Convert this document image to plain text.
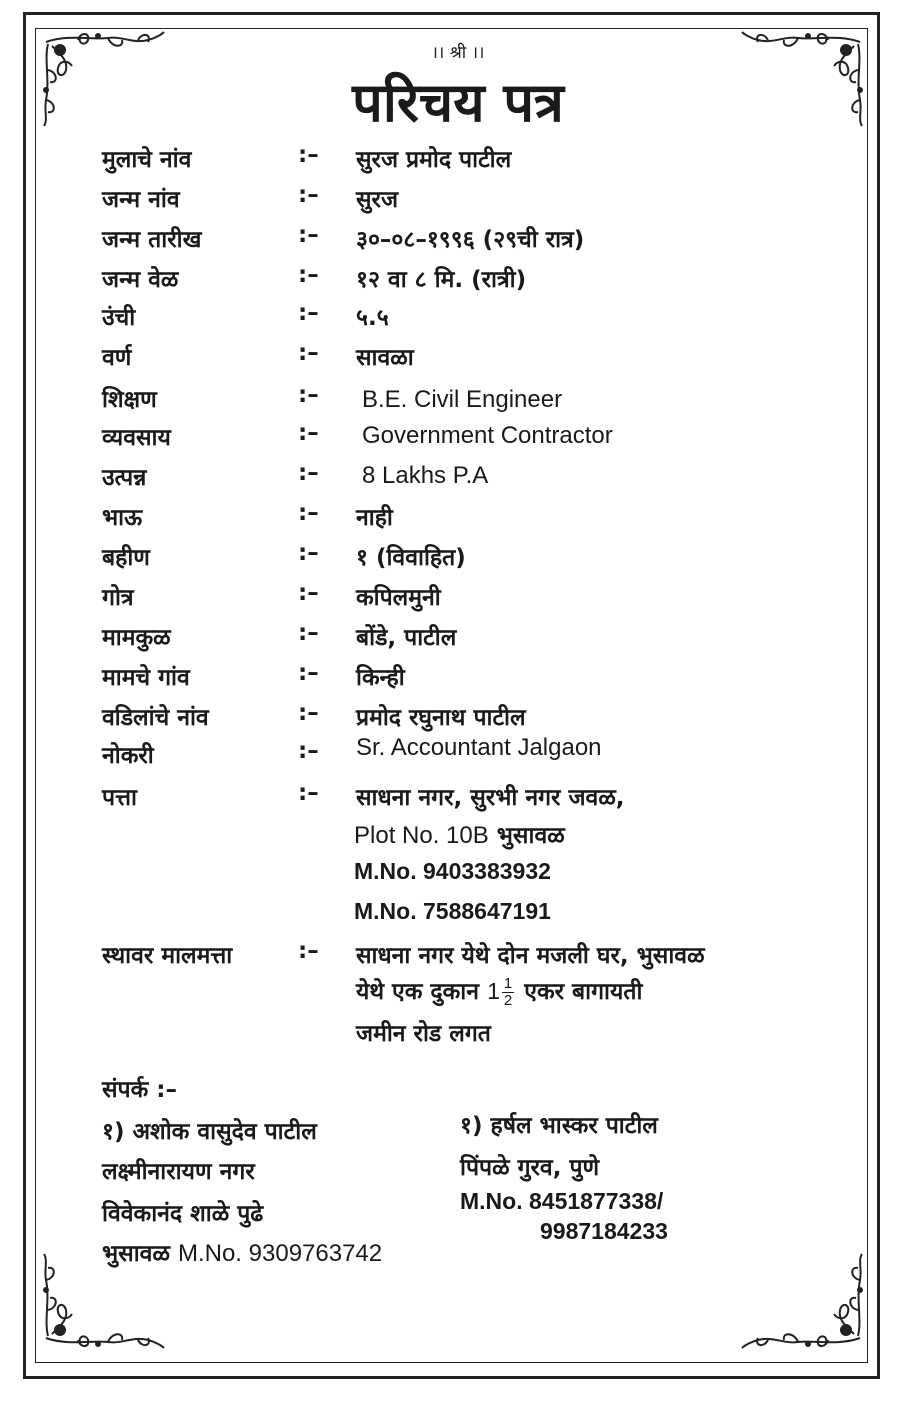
।। श्री ।।
परिचय पत्र
मुलाचे नांव	:– सुरज प्रमोद पाटील
जन्म नांव	:– सुरज
जन्म तारीख	:– ३०–०८–१९९६ (२९ची रात्र)
जन्म वेळ	:– १२ वा ८ मि. (रात्री)
उंची	:– ५.५
वर्ण	:– सावळा
शिक्षण	:– B.E. Civil Engineer
व्यवसाय	:– Government Contractor
उत्पन्न	:– 8 Lakhs P.A
भाऊ	:– नाही
बहीण	:– १ (विवाहित)
गोत्र	:– कपिलमुनी
मामकुळ	:– बोंडे, पाटील
मामचे गांव	:– किन्ही
वडिलांचे नांव	:– प्रमोद रघुनाथ पाटील
नोकरी	:– Sr. Accountant Jalgaon
पत्ता	:– साधना नगर, सुरभी नगर जवळ,
Plot No. 10B भुसावळ
M.No. 9403383932
M.No. 7588647191
स्थावर मालमत्ता	:– साधना नगर येथे दोन मजली घर, भुसावळ
येथे एक दुकान $1 \frac{1}{2}$ एकर बागायती
जमीन रोड लगत
संपर्क :–
१) अशोक वासुदेव पाटील
लक्ष्मीनारायण नगर
विवेकानंद शाळे पुढे
भुसावळ M.No. 9309763742
१) हर्षल भास्कर पाटील
पिंपळे गुरव, पुणे
M.No. 8451877338/
9987184233
